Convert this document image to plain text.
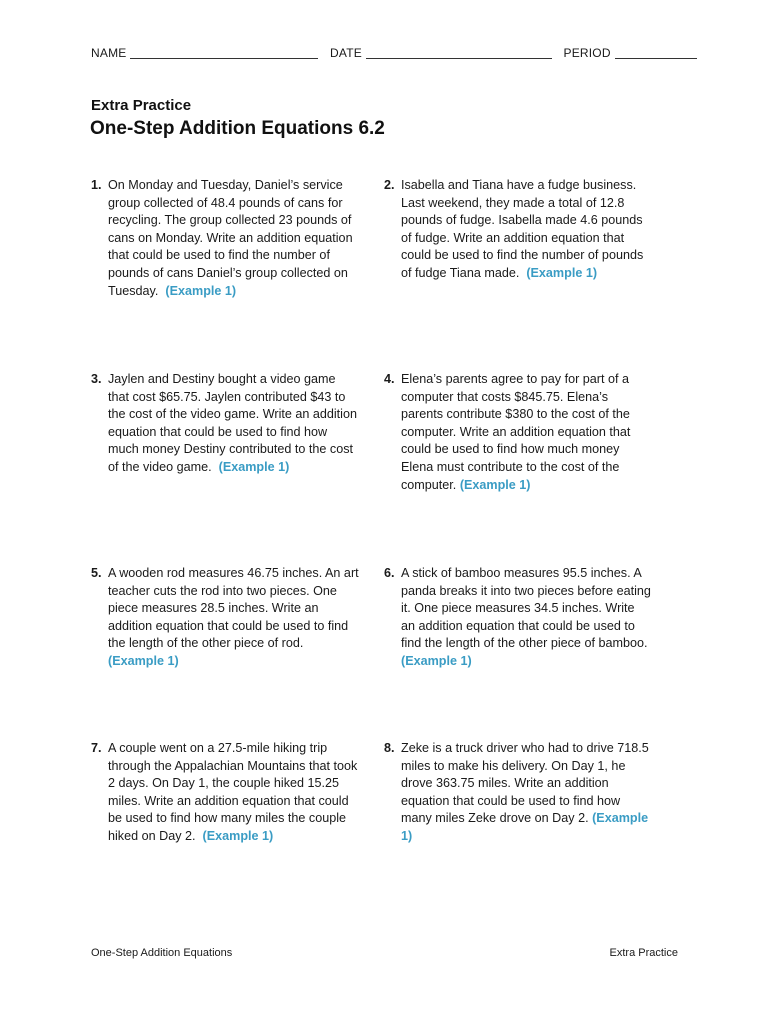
NAME	DATE	PERIOD
Extra Practice
One-Step Addition Equations 6.2
1. On Monday and Tuesday, Daniel’s service group collected of 48.4 pounds of cans for recycling. The group collected 23 pounds of cans on Monday. Write an addition equation that could be used to find the number of pounds of cans Daniel’s group collected on Tuesday. (Example 1)
2. Isabella and Tiana have a fudge business. Last weekend, they made a total of 12.8 pounds of fudge. Isabella made 4.6 pounds of fudge. Write an addition equation that could be used to find the number of pounds of fudge Tiana made. (Example 1)
3. Jaylen and Destiny bought a video game that cost $65.75. Jaylen contributed $43 to the cost of the video game. Write an addition equation that could be used to find how much money Destiny contributed to the cost of the video game. (Example 1)
4. Elena’s parents agree to pay for part of a computer that costs $845.75. Elena’s parents contribute $380 to the cost of the computer. Write an addition equation that could be used to find how much money Elena must contribute to the cost of the computer. (Example 1)
5. A wooden rod measures 46.75 inches. An art teacher cuts the rod into two pieces. One piece measures 28.5 inches. Write an addition equation that could be used to find the length of the other piece of rod.  (Example 1)
6. A stick of bamboo measures 95.5 inches. A panda breaks it into two pieces before eating it. One piece measures 34.5 inches. Write an addition equation that could be used to find the length of the other piece of bamboo. (Example 1)
7. A couple went on a 27.5-mile hiking trip through the Appalachian Mountains that took 2 days. On Day 1, the couple hiked 15.25 miles. Write an addition equation that could be used to find how many miles the couple hiked on Day 2. (Example 1)
8. Zeke is a truck driver who had to drive 718.5 miles to make his delivery. On Day 1, he drove 363.75 miles. Write an addition equation that could be used to find how many miles Zeke drove on Day 2. (Example 1)
One-Step Addition Equations	Extra Practice
